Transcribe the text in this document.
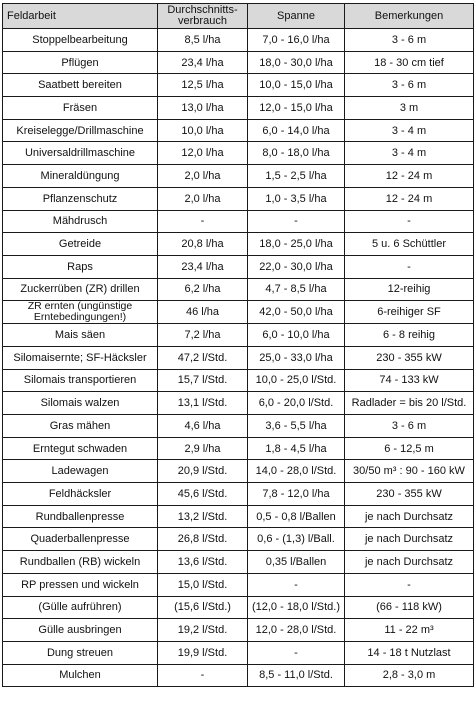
Feldarbeit	Durchschnitts-verbrauch	Spanne	Bemerkungen
Stoppelbearbeitung	8,5 l/ha	7,0 - 16,0 l/ha	3 - 6 m
Pflügen	23,4 l/ha	18,0 - 30,0 l/ha	18 - 30 cm tief
Saatbett bereiten	12,5 l/ha	10,0 - 15,0 l/ha	3 - 6 m
Fräsen	13,0 l/ha	12,0 - 15,0 l/ha	3 m
Kreiselegge/Drillmaschine	10,0 l/ha	6,0 - 14,0 l/ha	3 - 4 m
Universaldrillmaschine	12,0 l/ha	8,0 - 18,0 l/ha	3 - 4 m
Mineraldüngung	2,0 l/ha	1,5 - 2,5 l/ha	12 - 24 m
Pflanzenschutz	2,0 l/ha	1,0 - 3,5 l/ha	12 - 24 m
Mähdrusch	-	-	-
Getreide	20,8 l/ha	18,0 - 25,0 l/ha	5 u. 6 Schüttler
Raps	23,4 l/ha	22,0 - 30,0 l/ha	-
Zuckerrüben (ZR) drillen	6,2 l/ha	4,7 - 8,5 l/ha	12-reihig
ZR ernten (ungünstige Erntebedingungen!)	46 l/ha	42,0 - 50,0 l/ha	6-reihiger SF
Mais säen	7,2 l/ha	6,0 - 10,0 l/ha	6 - 8 reihig
Silomaisernte; SF-Häcksler	47,2 l/Std.	25,0 - 33,0 l/ha	230 - 355 kW
Silomais transportieren	15,7 l/Std.	10,0 - 25,0 l/Std.	74 - 133 kW
Silomais walzen	13,1 l/Std.	6,0 - 20,0 l/Std.	Radlader = bis 20 l/Std.
Gras mähen	4,6 l/ha	3,6 - 5,5 l/ha	3 - 6 m
Erntegut schwaden	2,9 l/ha	1,8 - 4,5 l/ha	6 - 12,5 m
Ladewagen	20,9 l/Std.	14,0 - 28,0 l/Std.	30/50 m³ : 90 - 160 kW
Feldhäcksler	45,6 l/Std.	7,8 - 12,0 l/ha	230 - 355 kW
Rundballenpresse	13,2 l/Std.	0,5 - 0,8 l/Ballen	je nach Durchsatz
Quaderballenpresse	26,8 l/Std.	0,6 - (1,3) l/Ball.	je nach Durchsatz
Rundballen (RB) wickeln	13,6 l/Std.	0,35 l/Ballen	je nach Durchsatz
RP pressen und wickeln	15,0 l/Std.	-	-
(Gülle aufrühren)	(15,6 l/Std.)	(12,0 - 18,0 l/Std.)	(66 - 118 kW)
Gülle ausbringen	19,2 l/Std.	12,0 - 28,0 l/Std.	11 - 22 m³
Dung streuen	19,9 l/Std.	-	14 - 18 t Nutzlast
Mulchen	-	8,5 - 11,0 l/Std.	2,8 - 3,0 m
